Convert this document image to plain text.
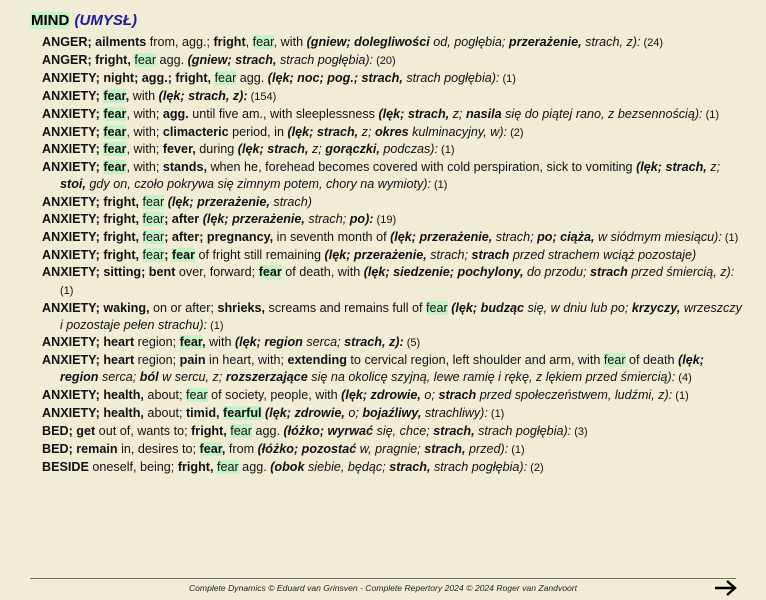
MIND (UMYSŁ)
ANGER; ailments from, agg.; fright, fear, with (gniew; dolegliwości od, pogłębia; przerażenie, strach, z): (24)
ANGER; fright, fear agg. (gniew; strach, strach pogłębia): (20)
ANXIETY; night; agg.; fright, fear agg. (lęk; noc; pog.; strach, strach pogłębia): (1)
ANXIETY; fear, with (lęk; strach, z): (154)
ANXIETY; fear, with; agg. until five am., with sleeplessness (lęk; strach, z; nasila się do piątej rano, z bezsennością): (1)
ANXIETY; fear, with; climacteric period, in (lęk; strach, z; okres kulminacyjny, w): (2)
ANXIETY; fear, with; fever, during (lęk; strach, z; gorączki, podczas): (1)
ANXIETY; fear, with; stands, when he, forehead becomes covered with cold perspiration, sick to vomiting (lęk; strach, z; stoi, gdy on, czoło pokrywa się zimnym potem, chory na wymioty): (1)
ANXIETY; fright, fear (lęk; przerażenie, strach)
ANXIETY; fright, fear; after (lęk; przerażenie, strach; po): (19)
ANXIETY; fright, fear; after; pregnancy, in seventh month of (lęk; przerażenie, strach; po; ciąża, w siódmym miesiącu): (1)
ANXIETY; fright, fear; fear of fright still remaining (lęk; przerażenie, strach; strach przed strachem wciąż pozostaje)
ANXIETY; sitting; bent over, forward; fear of death, with (lęk; siedzenie; pochylony, do przodu; strach przed śmiercią, z): (1)
ANXIETY; waking, on or after; shrieks, screams and remains full of fear (lęk; budząc się, w dniu lub po; krzyczy, wrzeszczy i pozostaje pełen strachu): (1)
ANXIETY; heart region; fear, with (lęk; region serca; strach, z): (5)
ANXIETY; heart region; pain in heart, with; extending to cervical region, left shoulder and arm, with fear of death (lęk; region serca; ból w sercu, z; rozszerzające się na okolicę szyjną, lewe ramię i rękę, z lękiem przed śmiercią): (4)
ANXIETY; health, about; fear of society, people, with (lęk; zdrowie, o; strach przed społeczeństwem, ludźmi, z): (1)
ANXIETY; health, about; timid, fearful (lęk; zdrowie, o; bojaźliwy, strachliwy): (1)
BED; get out of, wants to; fright, fear agg. (łóżko; wyrwać się, chce; strach, strach pogłębia): (3)
BED; remain in, desires to; fear, from (łóżko; pozostać w, pragnie; strach, przed): (1)
BESIDE oneself, being; fright, fear agg. (obok siebie, będąc; strach, strach pogłębia): (2)
Complete Dynamics © Eduard van Grinsven - Complete Repertory 2024 © 2024 Roger van Zandvoort
